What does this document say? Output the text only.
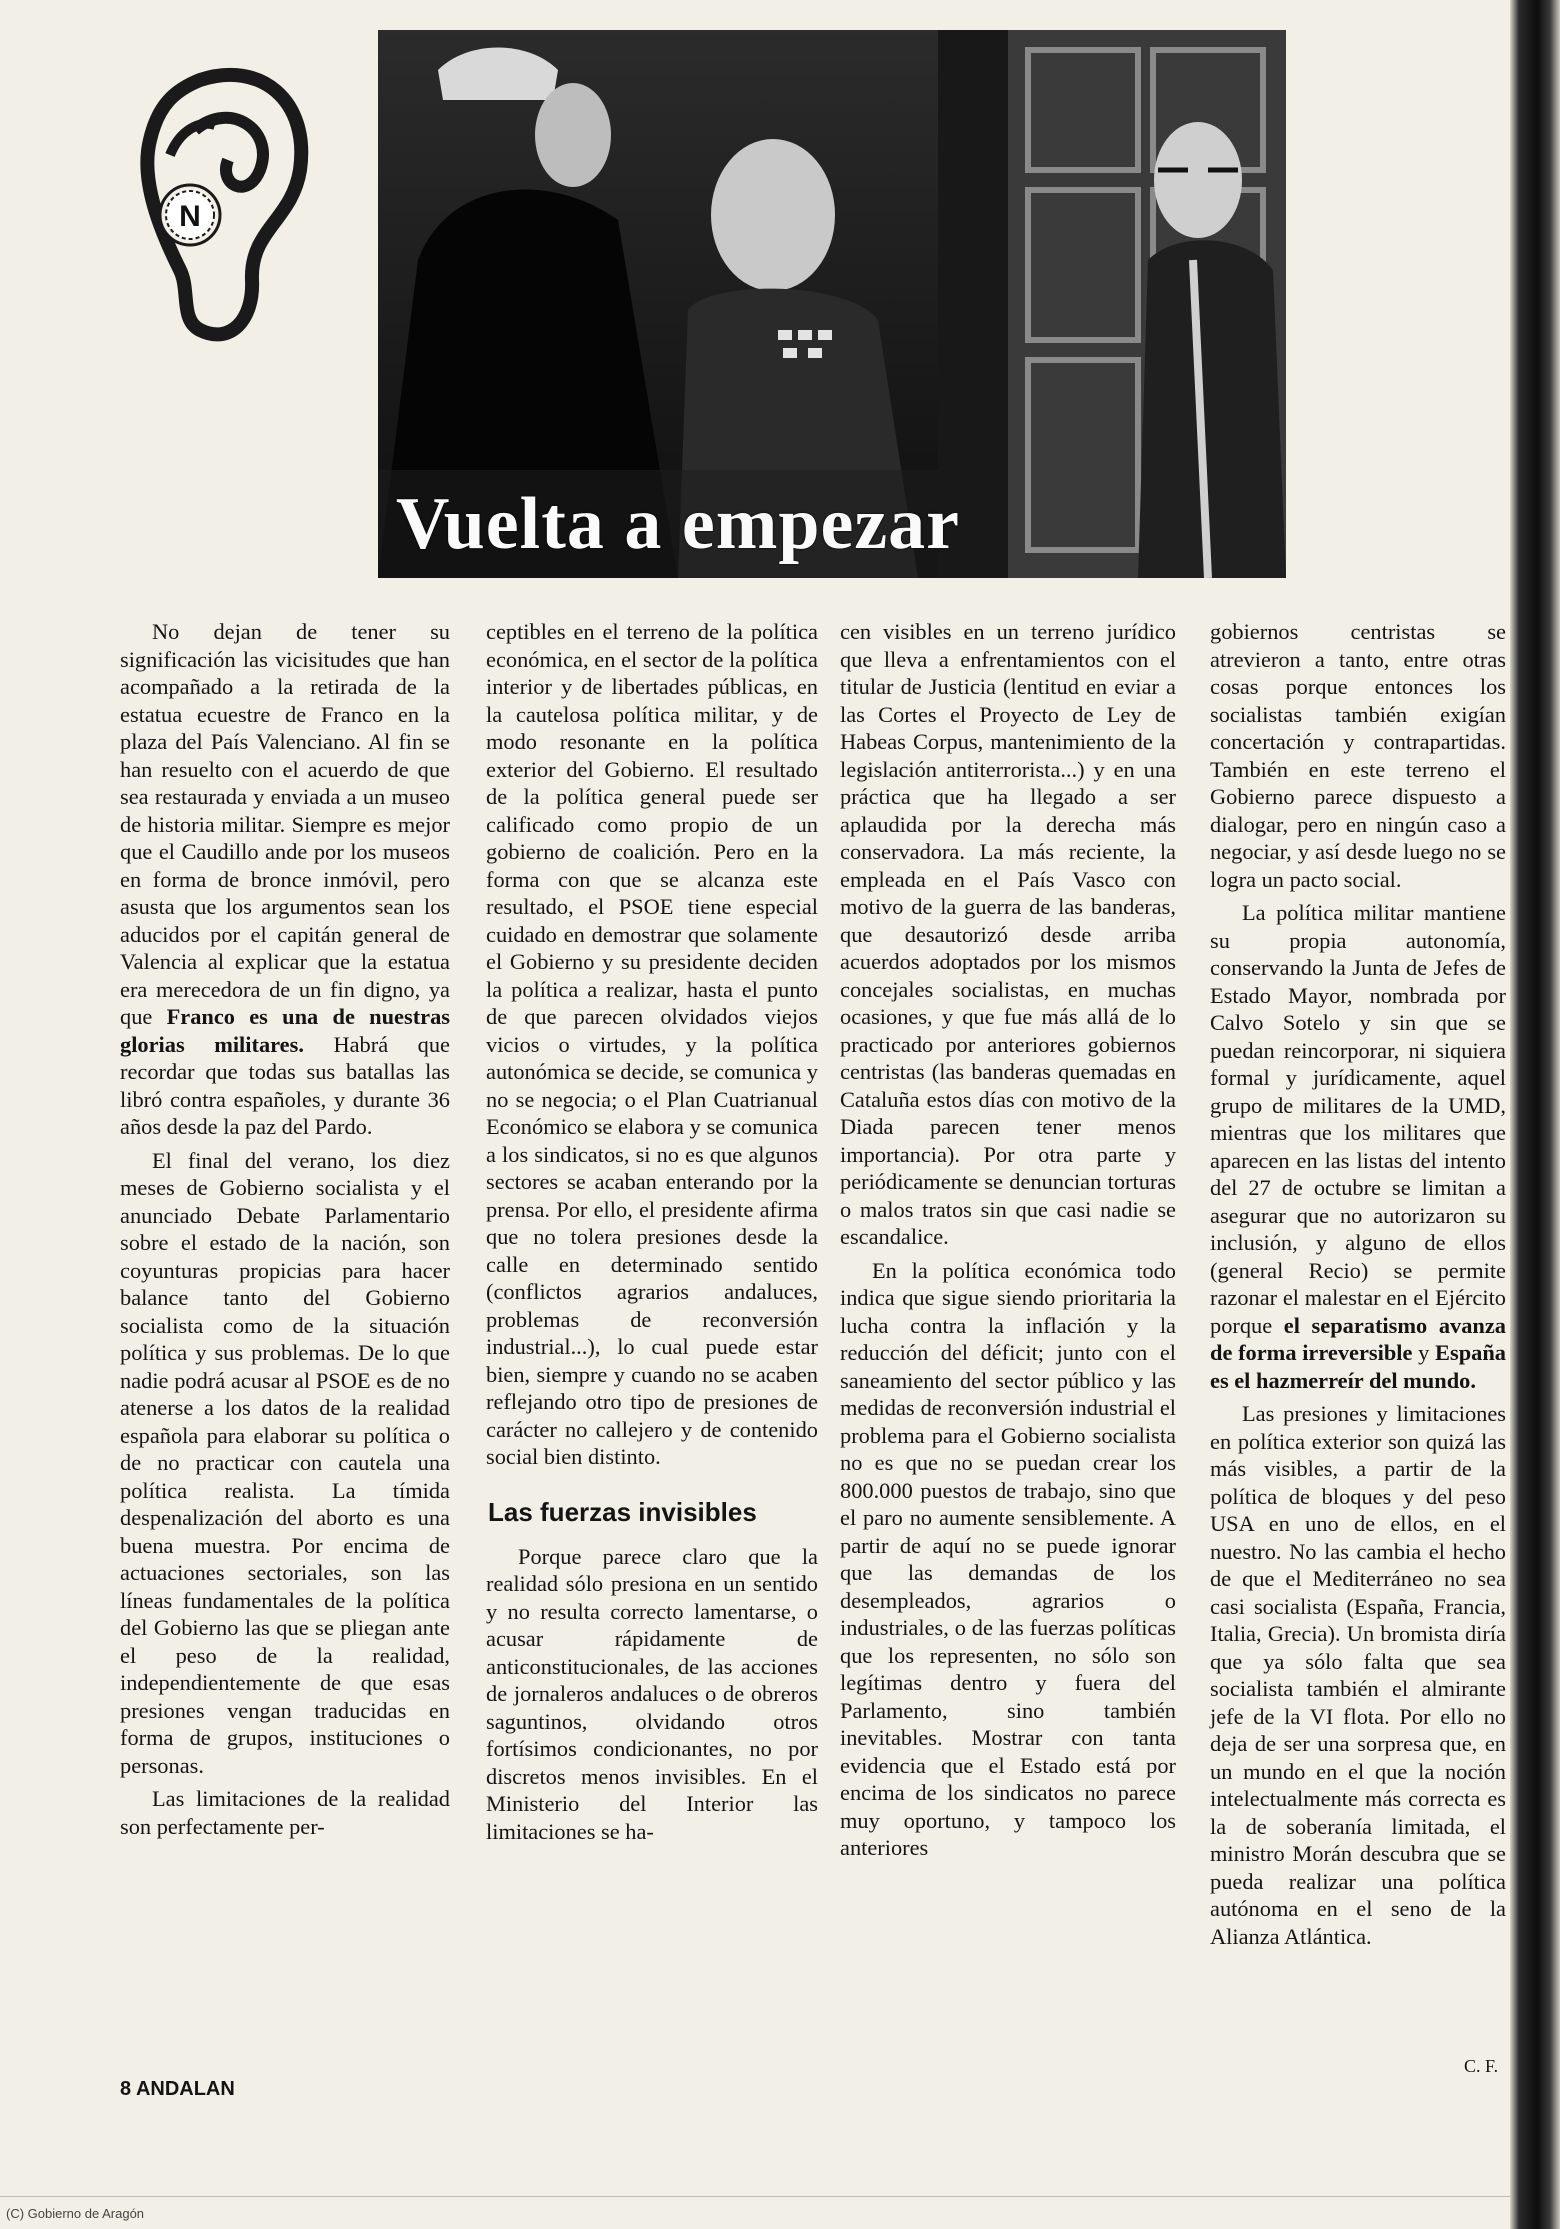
N
Vuelta a empezar

No dejan de tener su significación las vicisitudes que han acompañado a la retirada de la estatua ecuestre de Franco en la plaza del País Valenciano. Al fin se han resuelto con el acuerdo de que sea restaurada y enviada a un museo de historia militar. Siempre es mejor que el Caudillo ande por los museos en forma de bronce inmóvil, pero asusta que los argumentos sean los aducidos por el capitán general de Valencia al explicar que la estatua era merecedora de un fin digno, ya que Franco es una de nuestras glorias militares. Habrá que recordar que todas sus batallas las libró contra españoles, y durante 36 años desde la paz del Pardo.

El final del verano, los diez meses de Gobierno socialista y el anunciado Debate Parlamentario sobre el estado de la nación, son coyunturas propicias para hacer balance tanto del Gobierno socialista como de la situación política y sus problemas. De lo que nadie podrá acusar al PSOE es de no atenerse a los datos de la realidad española para elaborar su política o de no practicar con cautela una política realista. La tímida despenalización del aborto es una buena muestra. Por encima de actuaciones sectoriales, son las líneas fundamentales de la política del Gobierno las que se pliegan ante el peso de la realidad, independientemente de que esas presiones vengan traducidas en forma de grupos, instituciones o personas.

Las limitaciones de la realidad son perfectamente per-

ceptibles en el terreno de la política económica, en el sector de la política interior y de libertades públicas, en la cautelosa política militar, y de modo resonante en la política exterior del Gobierno. El resultado de la política general puede ser calificado como propio de un gobierno de coalición. Pero en la forma con que se alcanza este resultado, el PSOE tiene especial cuidado en demostrar que solamente el Gobierno y su presidente deciden la política a realizar, hasta el punto de que parecen olvidados viejos vicios o virtudes, y la política autonómica se decide, se comunica y no se negocia; o el Plan Cuatrianual Económico se elabora y se comunica a los sindicatos, si no es que algunos sectores se acaban enterando por la prensa. Por ello, el presidente afirma que no tolera presiones desde la calle en determinado sentido (conflictos agrarios andaluces, problemas de reconversión industrial...), lo cual puede estar bien, siempre y cuando no se acaben reflejando otro tipo de presiones de carácter no callejero y de contenido social bien distinto.

Las fuerzas invisibles

Porque parece claro que la realidad sólo presiona en un sentido y no resulta correcto lamentarse, o acusar rápidamente de anticonstitucionales, de las acciones de jornaleros andaluces o de obreros saguntinos, olvidando otros fortísimos condicionantes, no por discretos menos invisibles. En el Ministerio del Interior las limitaciones se ha-

cen visibles en un terreno jurídico que lleva a enfrentamientos con el titular de Justicia (lentitud en eviar a las Cortes el Proyecto de Ley de Habeas Corpus, mantenimiento de la legislación antiterrorista...) y en una práctica que ha llegado a ser aplaudida por la derecha más conservadora. La más reciente, la empleada en el País Vasco con motivo de la guerra de las banderas, que desautorizó desde arriba acuerdos adoptados por los mismos concejales socialistas, en muchas ocasiones, y que fue más allá de lo practicado por anteriores gobiernos centristas (las banderas quemadas en Cataluña estos días con motivo de la Diada parecen tener menos importancia). Por otra parte y periódicamente se denuncian torturas o malos tratos sin que casi nadie se escandalice.

En la política económica todo indica que sigue siendo prioritaria la lucha contra la inflación y la reducción del déficit; junto con el saneamiento del sector público y las medidas de reconversión industrial el problema para el Gobierno socialista no es que no se puedan crear los 800.000 puestos de trabajo, sino que el paro no aumente sensiblemente. A partir de aquí no se puede ignorar que las demandas de los desempleados, agrarios o industriales, o de las fuerzas políticas que los representen, no sólo son legítimas dentro y fuera del Parlamento, sino también inevitables. Mostrar con tanta evidencia que el Estado está por encima de los sindicatos no parece muy oportuno, y tampoco los anteriores

gobiernos centristas se atrevieron a tanto, entre otras cosas porque entonces los socialistas también exigían concertación y contrapartidas. También en este terreno el Gobierno parece dispuesto a dialogar, pero en ningún caso a negociar, y así desde luego no se logra un pacto social.

La política militar mantiene su propia autonomía, conservando la Junta de Jefes de Estado Mayor, nombrada por Calvo Sotelo y sin que se puedan reincorporar, ni siquiera formal y jurídicamente, aquel grupo de militares de la UMD, mientras que los militares que aparecen en las listas del intento del 27 de octubre se limitan a asegurar que no autorizaron su inclusión, y alguno de ellos (general Recio) se permite razonar el malestar en el Ejército porque el separatismo avanza de forma irreversible y España es el hazmerreír del mundo.

Las presiones y limitaciones en política exterior son quizá las más visibles, a partir de la política de bloques y del peso USA en uno de ellos, en el nuestro. No las cambia el hecho de que el Mediterráneo no sea casi socialista (España, Francia, Italia, Grecia). Un bromista diría que ya sólo falta que sea socialista también el almirante jefe de la VI flota. Por ello no deja de ser una sorpresa que, en un mundo en el que la noción intelectualmente más correcta es la de soberanía limitada, el ministro Morán descubra que se pueda realizar una política autónoma en el seno de la Alianza Atlántica.

C. F.
8 ANDALAN
(C) Gobierno de Aragón
